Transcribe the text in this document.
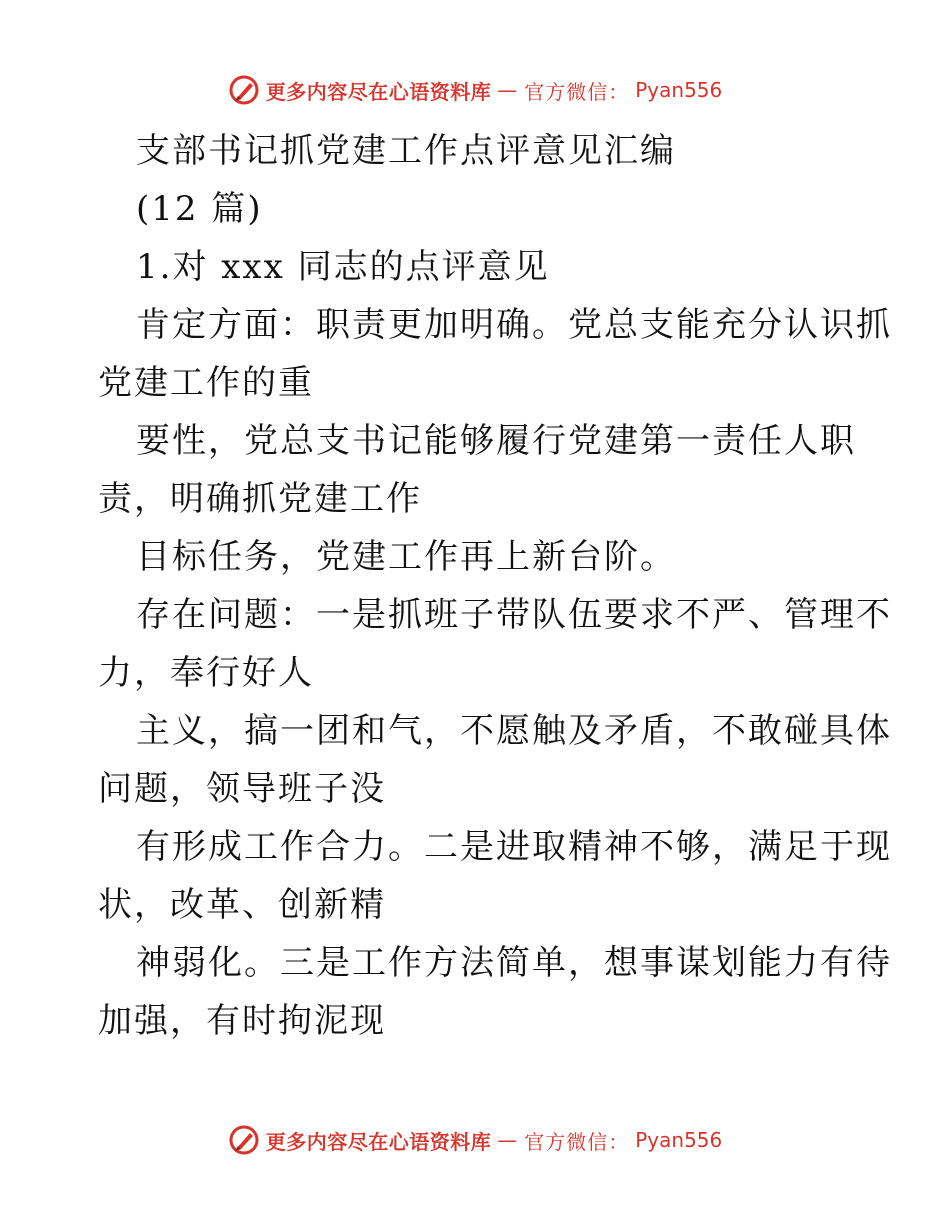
更多内容尽在心语资料库 — 官方微信： Pyan556
支部书记抓党建工作点评意见汇编
(12 篇)
1.对 xxx 同志的点评意见
肯定方面：职责更加明确。党总支能充分认识抓
党建工作的重
要性，党总支书记能够履行党建第一责任人职
责，明确抓党建工作
目标任务，党建工作再上新台阶。
存在问题：一是抓班子带队伍要求不严、管理不
力，奉行好人
主义，搞一团和气，不愿触及矛盾，不敢碰具体
问题，领导班子没
有形成工作合力。二是进取精神不够，满足于现
状，改革、创新精
神弱化。三是工作方法简单，想事谋划能力有待
加强，有时拘泥现
更多内容尽在心语资料库 — 官方微信： Pyan556
